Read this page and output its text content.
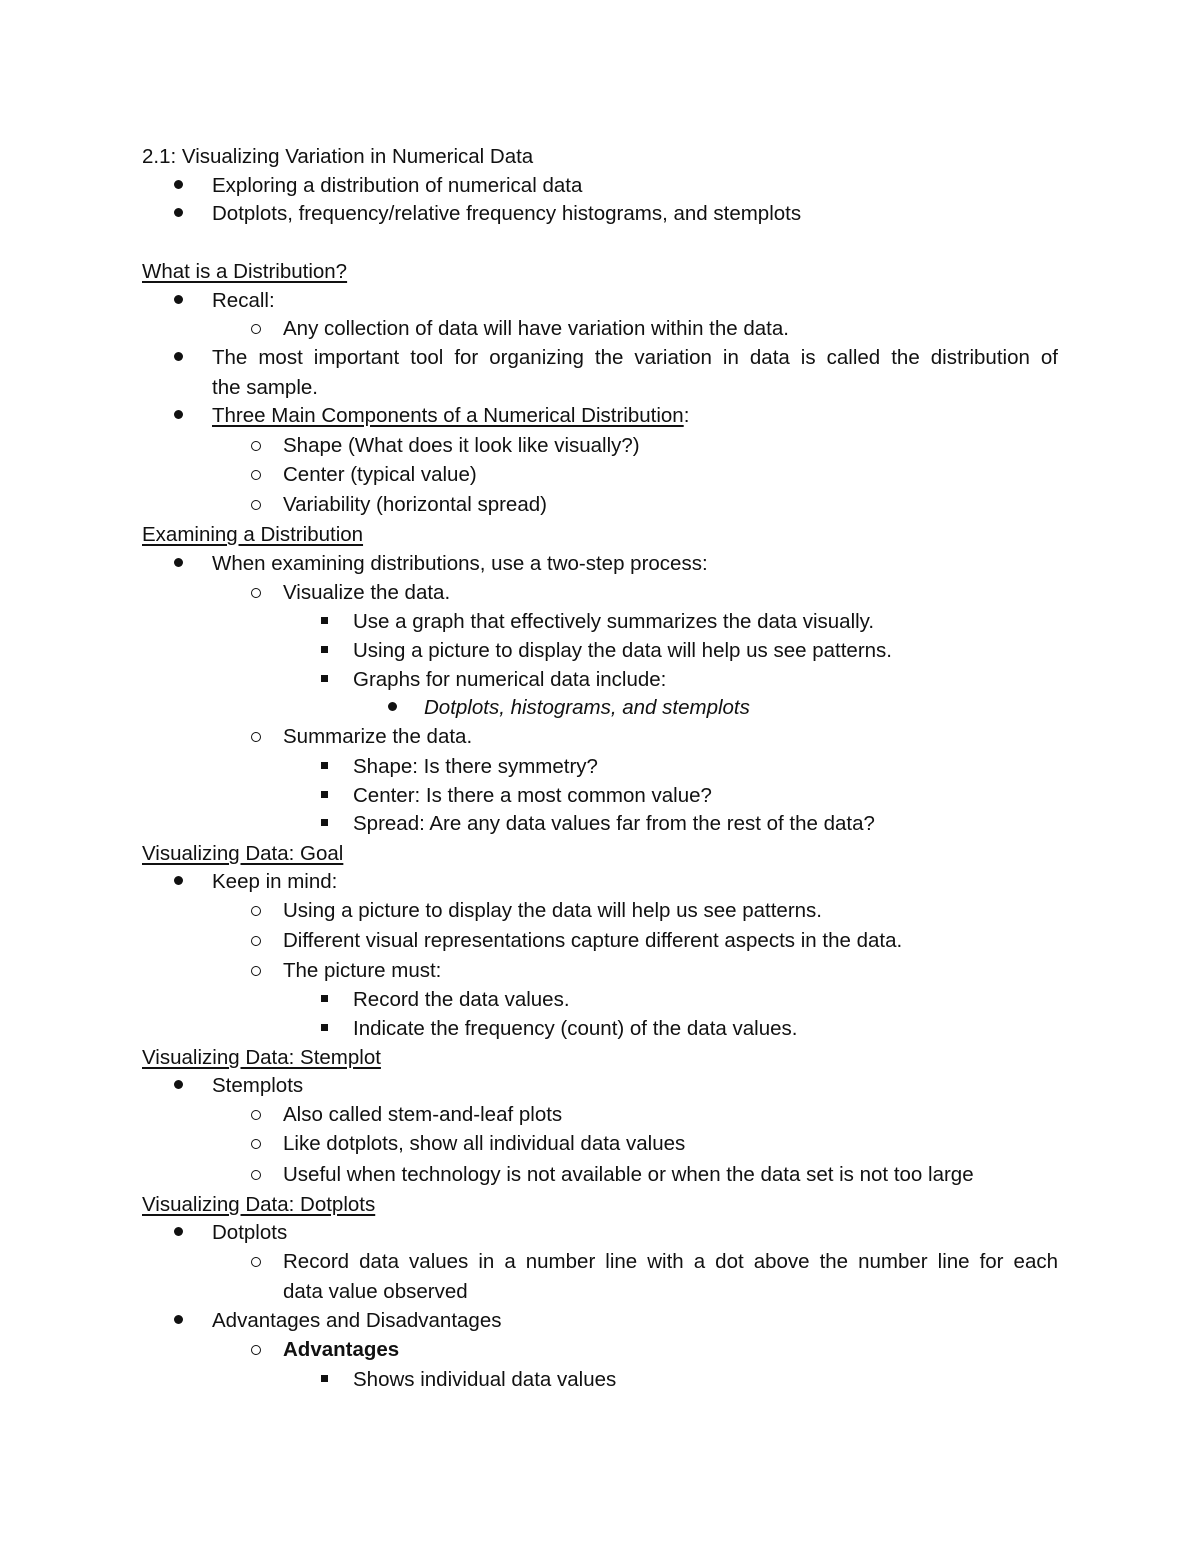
2.1: Visualizing Variation in Numerical Data
Exploring a distribution of numerical data
Dotplots, frequency/relative frequency histograms, and stemplots
What is a Distribution?
Recall:
Any collection of data will have variation within the data.
The most important tool for organizing the variation in data is called the distribution of
the sample.
Three Main Components of a Numerical Distribution:
Shape (What does it look like visually?)
Center (typical value)
Variability (horizontal spread)
Examining a Distribution
When examining distributions, use a two-step process:
Visualize the data.
Use a graph that effectively summarizes the data visually.
Using a picture to display the data will help us see patterns.
Graphs for numerical data include:
Dotplots, histograms, and stemplots
Summarize the data.
Shape: Is there symmetry?
Center: Is there a most common value?
Spread: Are any data values far from the rest of the data?
Visualizing Data: Goal
Keep in mind:
Using a picture to display the data will help us see patterns.
Different visual representations capture different aspects in the data.
The picture must:
Record the data values.
Indicate the frequency (count) of the data values.
Visualizing Data: Stemplot
Stemplots
Also called stem-and-leaf plots
Like dotplots, show all individual data values
Useful when technology is not available or when the data set is not too large
Visualizing Data: Dotplots
Dotplots
Record data values in a number line with a dot above the number line for each
data value observed
Advantages and Disadvantages
Advantages
Shows individual data values
